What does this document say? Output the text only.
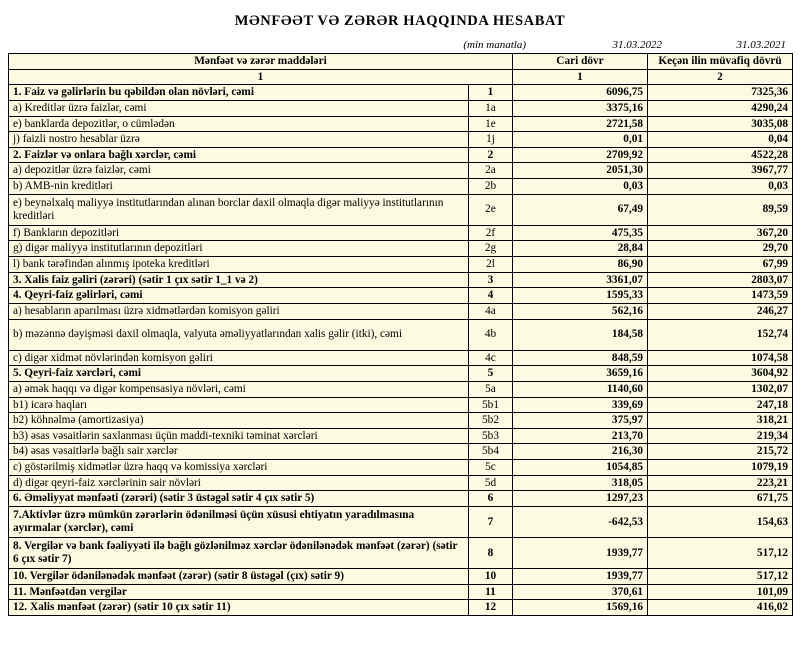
MƏNFƏƏT VƏ ZƏRƏR HAQQINDA HESABAT
(min manatla)	31.03.2022	31.03.2021
Mənfəət və zərər maddələri		Cari dövr	Keçən ilin müvafiq dövrü
1		1	2
1. Faiz və gəlirlərin bu qəbildən olan növləri, cəmi	1	6096,75	7325,36
a) Kreditlər üzrə faizlər, cəmi	1a	3375,16	4290,24
e) banklarda depozitlər, o cümlədən	1e	2721,58	3035,08
j) faizli nostro hesablar üzrə	1j	0,01	0,04
2. Faizlər və onlara bağlı xərclər, cəmi	2	2709,92	4522,28
a) depozitlər üzrə faizlər, cəmi	2a	2051,30	3967,77
b) AMB-nin kreditləri	2b	0,03	0,03
e) beynəlxalq maliyyə institutlarından alınan borclar daxil olmaqla digər maliyyə institutlarının kreditləri	2e	67,49	89,59
f) Bankların depozitləri	2f	475,35	367,20
g) digər maliyyə institutlarının depozitləri	2g	28,84	29,70
l) bank tərəfindən alınmış ipoteka kreditləri	2l	86,90	67,99
3. Xalis faiz gəliri (zərəri) (sətir 1 çıx sətir 1_1 və 2)	3	3361,07	2803,07
4. Qeyri-faiz gəlirləri, cəmi	4	1595,33	1473,59
a) hesabların aparılması üzrə xidmətlərdən komisyon gəliri	4a	562,16	246,27
b) məzənnə dəyişməsi daxil olmaqla, valyuta əməliyyatlarından xalis gəlir (itki), cəmi	4b	184,58	152,74
c) digər xidmət növlərindən komisyon gəliri	4c	848,59	1074,58
5. Qeyri-faiz xərcləri, cəmi	5	3659,16	3604,92
a) əmək haqqı və digər kompensasiya növləri, cəmi	5a	1140,60	1302,07
b1) icarə haqları	5b1	339,69	247,18
b2) köhnəlmə (amortizasiya)	5b2	375,97	318,21
b3) əsas vəsaitlərin saxlanması üçün maddi-texniki təminat xərcləri	5b3	213,70	219,34
b4) əsas vəsaitlərlə bağlı sair xərclər	5b4	216,30	215,72
c) göstərilmiş xidmətlər üzrə haqq və komissiya xərcləri	5c	1054,85	1079,19
d) digər qeyri-faiz xərclərinin sair növləri	5d	318,05	223,21
6. Əməliyyat mənfəəti (zərəri) (sətir 3 üstəgəl sətir 4 çıx sətir 5)	6	1297,23	671,75
7.Aktivlər üzrə mümkün zərərlərin ödənilməsi üçün xüsusi ehtiyatın yaradılmasına ayırmalar (xərclər), cəmi	7	-642,53	154,63
8. Vergilər və bank fəaliyyəti ilə bağlı gözlənilməz xərclər ödənilənədək mənfəət (zərər) (sətir 6 çıx sətir 7)	8	1939,77	517,12
10. Vergilər ödənilənədək mənfəət (zərər) (sətir 8 üstəgəl (çıx) sətir 9)	10	1939,77	517,12
11. Mənfəətdən vergilər	11	370,61	101,09
12. Xalis mənfəət (zərər) (sətir 10 çıx sətir 11)	12	1569,16	416,02
